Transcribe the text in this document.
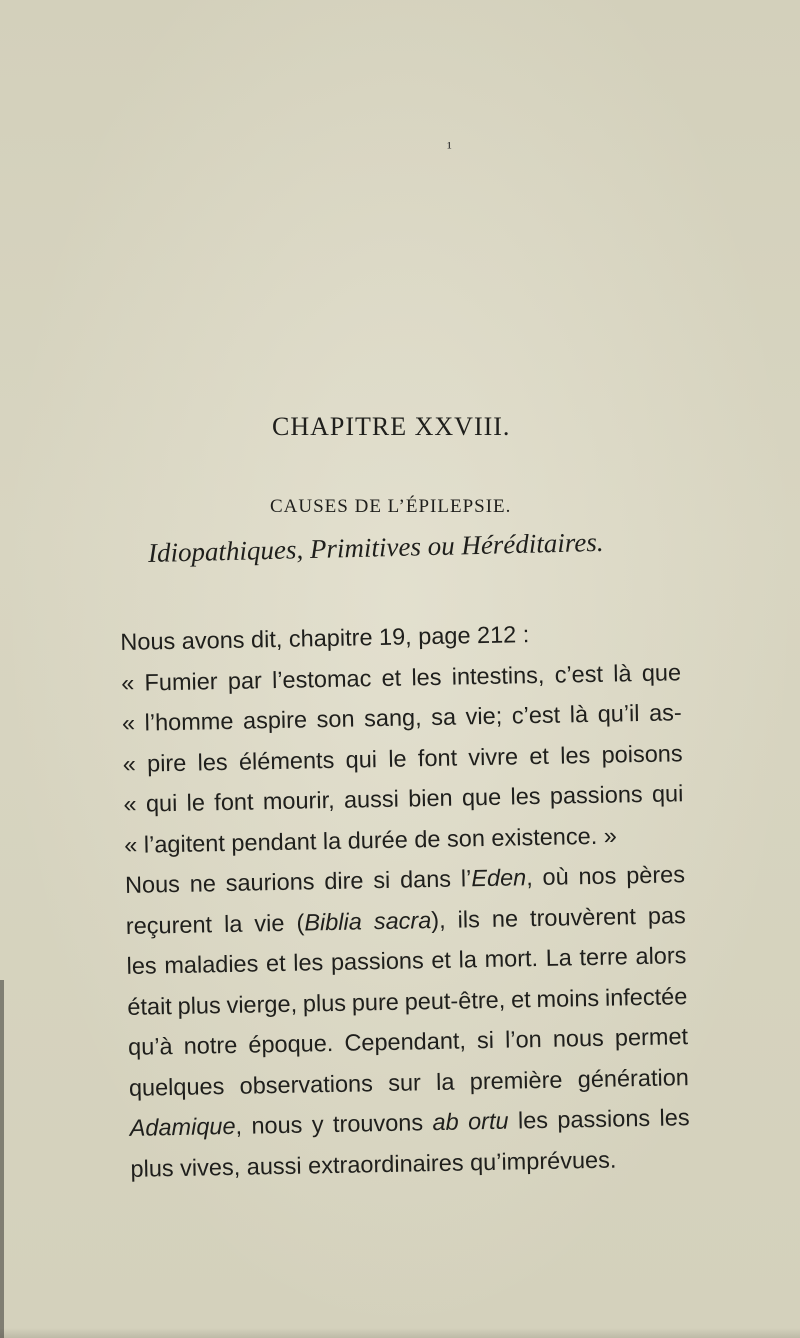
¹
CHAPITRE XXVIII.
CAUSES DE L’ÉPILEPSIE.
Idiopathiques, Primitives ou Héréditaires.
Nous avons dit, chapitre 19, page 212 :
« Fumier par l’estomac et les intestins, c’est là que
« l’homme aspire son sang, sa vie; c’est là qu’il as-
« pire les éléments qui le font vivre et les poisons
« qui le font mourir, aussi bien que les passions qui
« l’agitent pendant la durée de son existence. »
Nous ne saurions dire si dans l’Eden, où nos pères
reçurent la vie (Biblia sacra), ils ne trouvèrent pas
les maladies et les passions et la mort. La terre alors
était plus vierge, plus pure peut-être, et moins infectée
qu’à notre époque. Cependant, si l’on nous permet
quelques observations sur la première génération
Adamique, nous y trouvons ab ortu les passions les
plus vives, aussi extraordinaires qu’imprévues.
